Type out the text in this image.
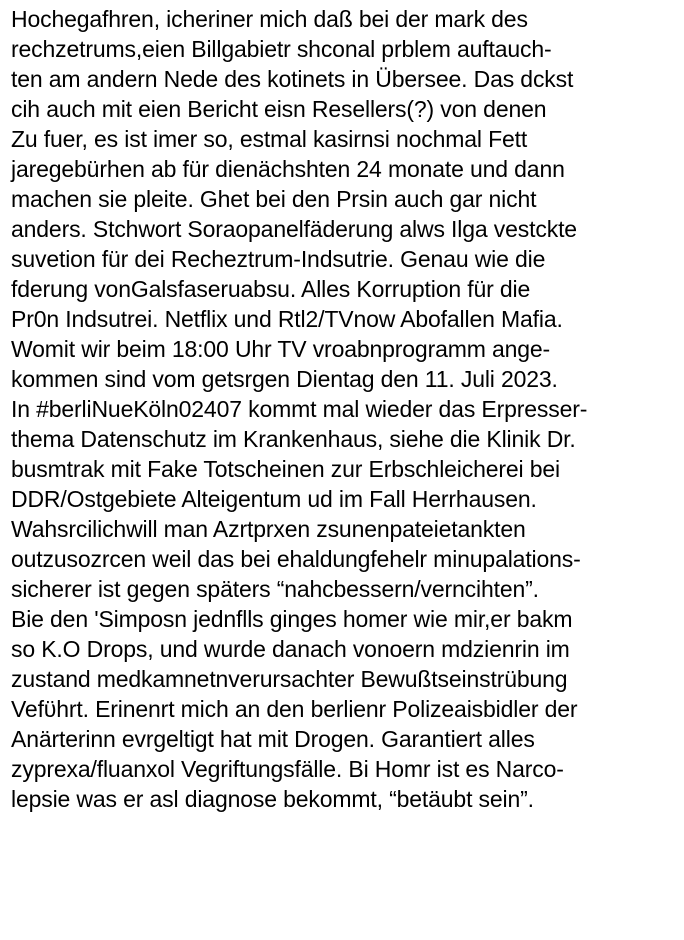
Hochegafhren, icheriner mich daß bei der mark des
rechzetrums,eien Billgabietr shconal prblem auftauch-
ten am andern Nede des kotinets in Übersee. Das dckst
cih auch mit eien Bericht eisn Resellers(?) von denen
Zu fuer, es ist imer so, estmal kasirnsi nochmal Fett
jaregebürhen ab für dienächshten 24 monate und dann
machen sie pleite. Ghet bei den Prsin auch gar nicht
anders. Stchwort Soraopanelfäderung alws Ilga vestckte
suvetion für dei Recheztrum-Indsutrie. Genau wie die
fderung vonGalsfaseruabsu. Alles Korruption für die
Pr0n Indsutrei. Netflix und Rtl2/TVnow Abofallen Mafia.
Womit wir beim 18:00 Uhr TV vroabnprogramm ange-
kommen sind vom getsrgen Dientag den 11. Juli 2023.
In #berliNueKöln02407 kommt mal wieder das Erpresser-
thema Datenschutz im Krankenhaus, siehe die Klinik Dr.
busmtrak mit Fake Totscheinen zur Erbschleicherei bei
DDR/Ostgebiete Alteigentum ud im Fall Herrhausen.
Wahsrcilichwill man Azrtprxen zsunenpateietankten
outzusozrcen weil das bei ehaldungfehelr minupalations-
sicherer ist gegen späters “nahcbessern/verncihten”.
Bie den 'Simposn jednflls ginges homer wie mir,er bakm
so K.O Drops, und wurde danach vonoern mdzienrin im
zustand medkamnetnverursachter Bewußtseinstrübung
Vefϋhrt. Erinenrt mich an den berlienr Polizeaisbidler der
Anärterinn evrgeltigt hat mit Drogen. Garantiert alles
zyprexa/fluanxol Vegriftungsfälle. Bi Homr ist es Narco-
lepsie was er asl diagnose bekommt, “betäubt sein”.
